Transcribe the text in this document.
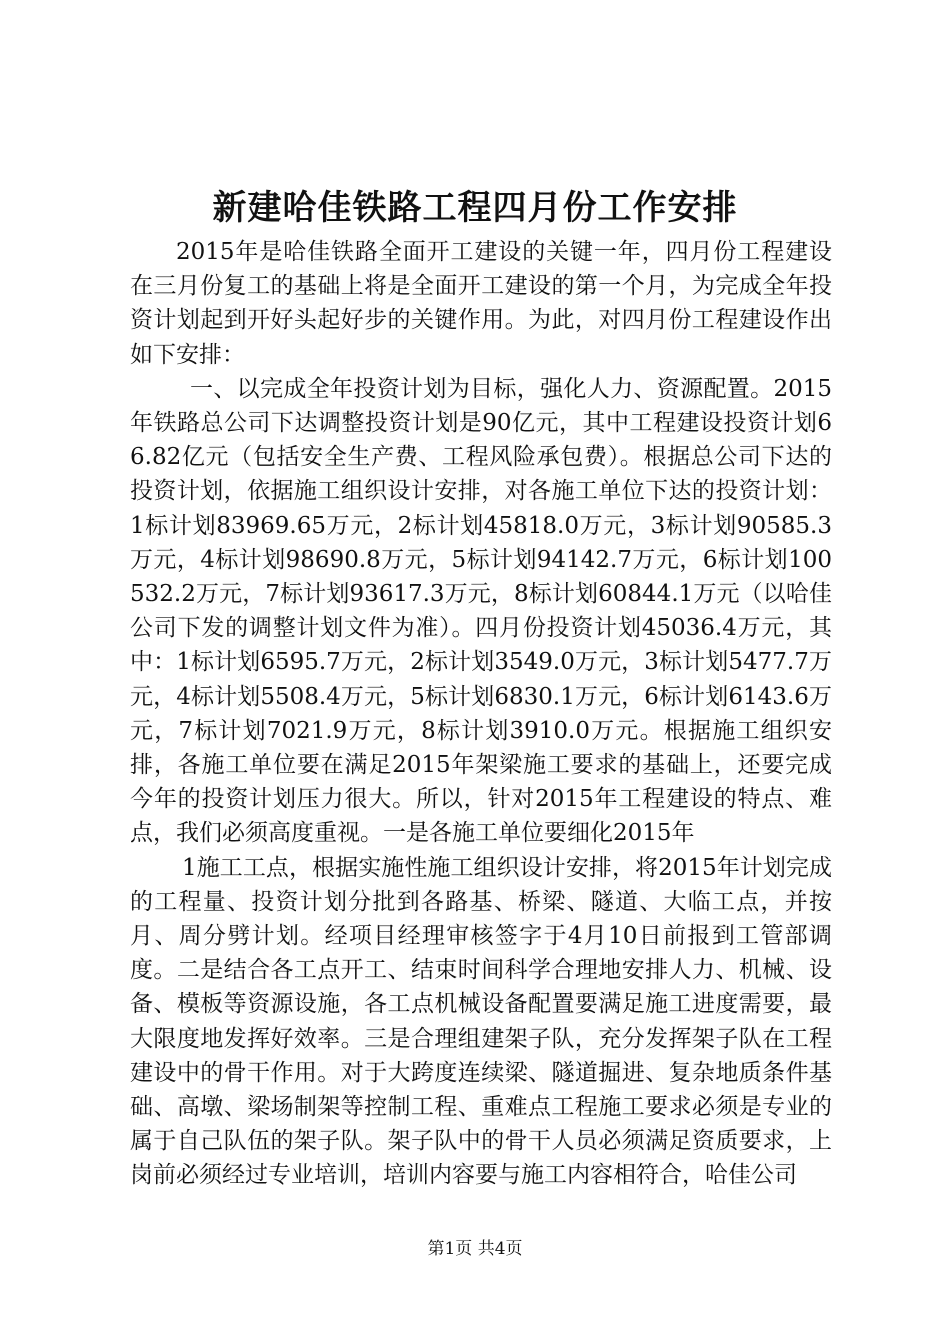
新建哈佳铁路工程四月份工作安排

2015年是哈佳铁路全面开工建设的关键一年，四月份工程建设在三月份复工的基础上将是全面开工建设的第一个月，为完成全年投资计划起到开好头起好步的关键作用。为此，对四月份工程建设作出如下安排：

一、以完成全年投资计划为目标，强化人力、资源配置。2015年铁路总公司下达调整投资计划是90亿元，其中工程建设投资计划66.82亿元（包括安全生产费、工程风险承包费）。根据总公司下达的投资计划，依据施工组织设计安排，对各施工单位下达的投资计划：1标计划83969.65万元，2标计划45818.0万元，3标计划90585.3万元，4标计划98690.8万元，5标计划94142.7万元，6标计划100532.2万元，7标计划93617.3万元，8标计划60844.1万元（以哈佳公司下发的调整计划文件为准）。四月份投资计划45036.4万元，其中：1标计划6595.7万元，2标计划3549.0万元，3标计划5477.7万元，4标计划5508.4万元，5标计划6830.1万元，6标计划6143.6万元，7标计划7021.9万元，8标计划3910.0万元。根据施工组织安排，各施工单位要在满足2015年架梁施工要求的基础上，还要完成今年的投资计划压力很大。所以，针对2015年工程建设的特点、难点，我们必须高度重视。一是各施工单位要细化2015年

1施工工点，根据实施性施工组织设计安排，将2015年计划完成的工程量、投资计划分批到各路基、桥梁、隧道、大临工点，并按月、周分劈计划。经项目经理审核签字于4月10日前报到工管部调度。二是结合各工点开工、结束时间科学合理地安排人力、机械、设备、模板等资源设施，各工点机械设备配置要满足施工进度需要，最大限度地发挥好效率。三是合理组建架子队，充分发挥架子队在工程建设中的骨干作用。对于大跨度连续梁、隧道掘进、复杂地质条件基础、高墩、梁场制架等控制工程、重难点工程施工要求必须是专业的属于自己队伍的架子队。架子队中的骨干人员必须满足资质要求，上岗前必须经过专业培训，培训内容要与施工内容相符合，哈佳公司

第1页 共4页
